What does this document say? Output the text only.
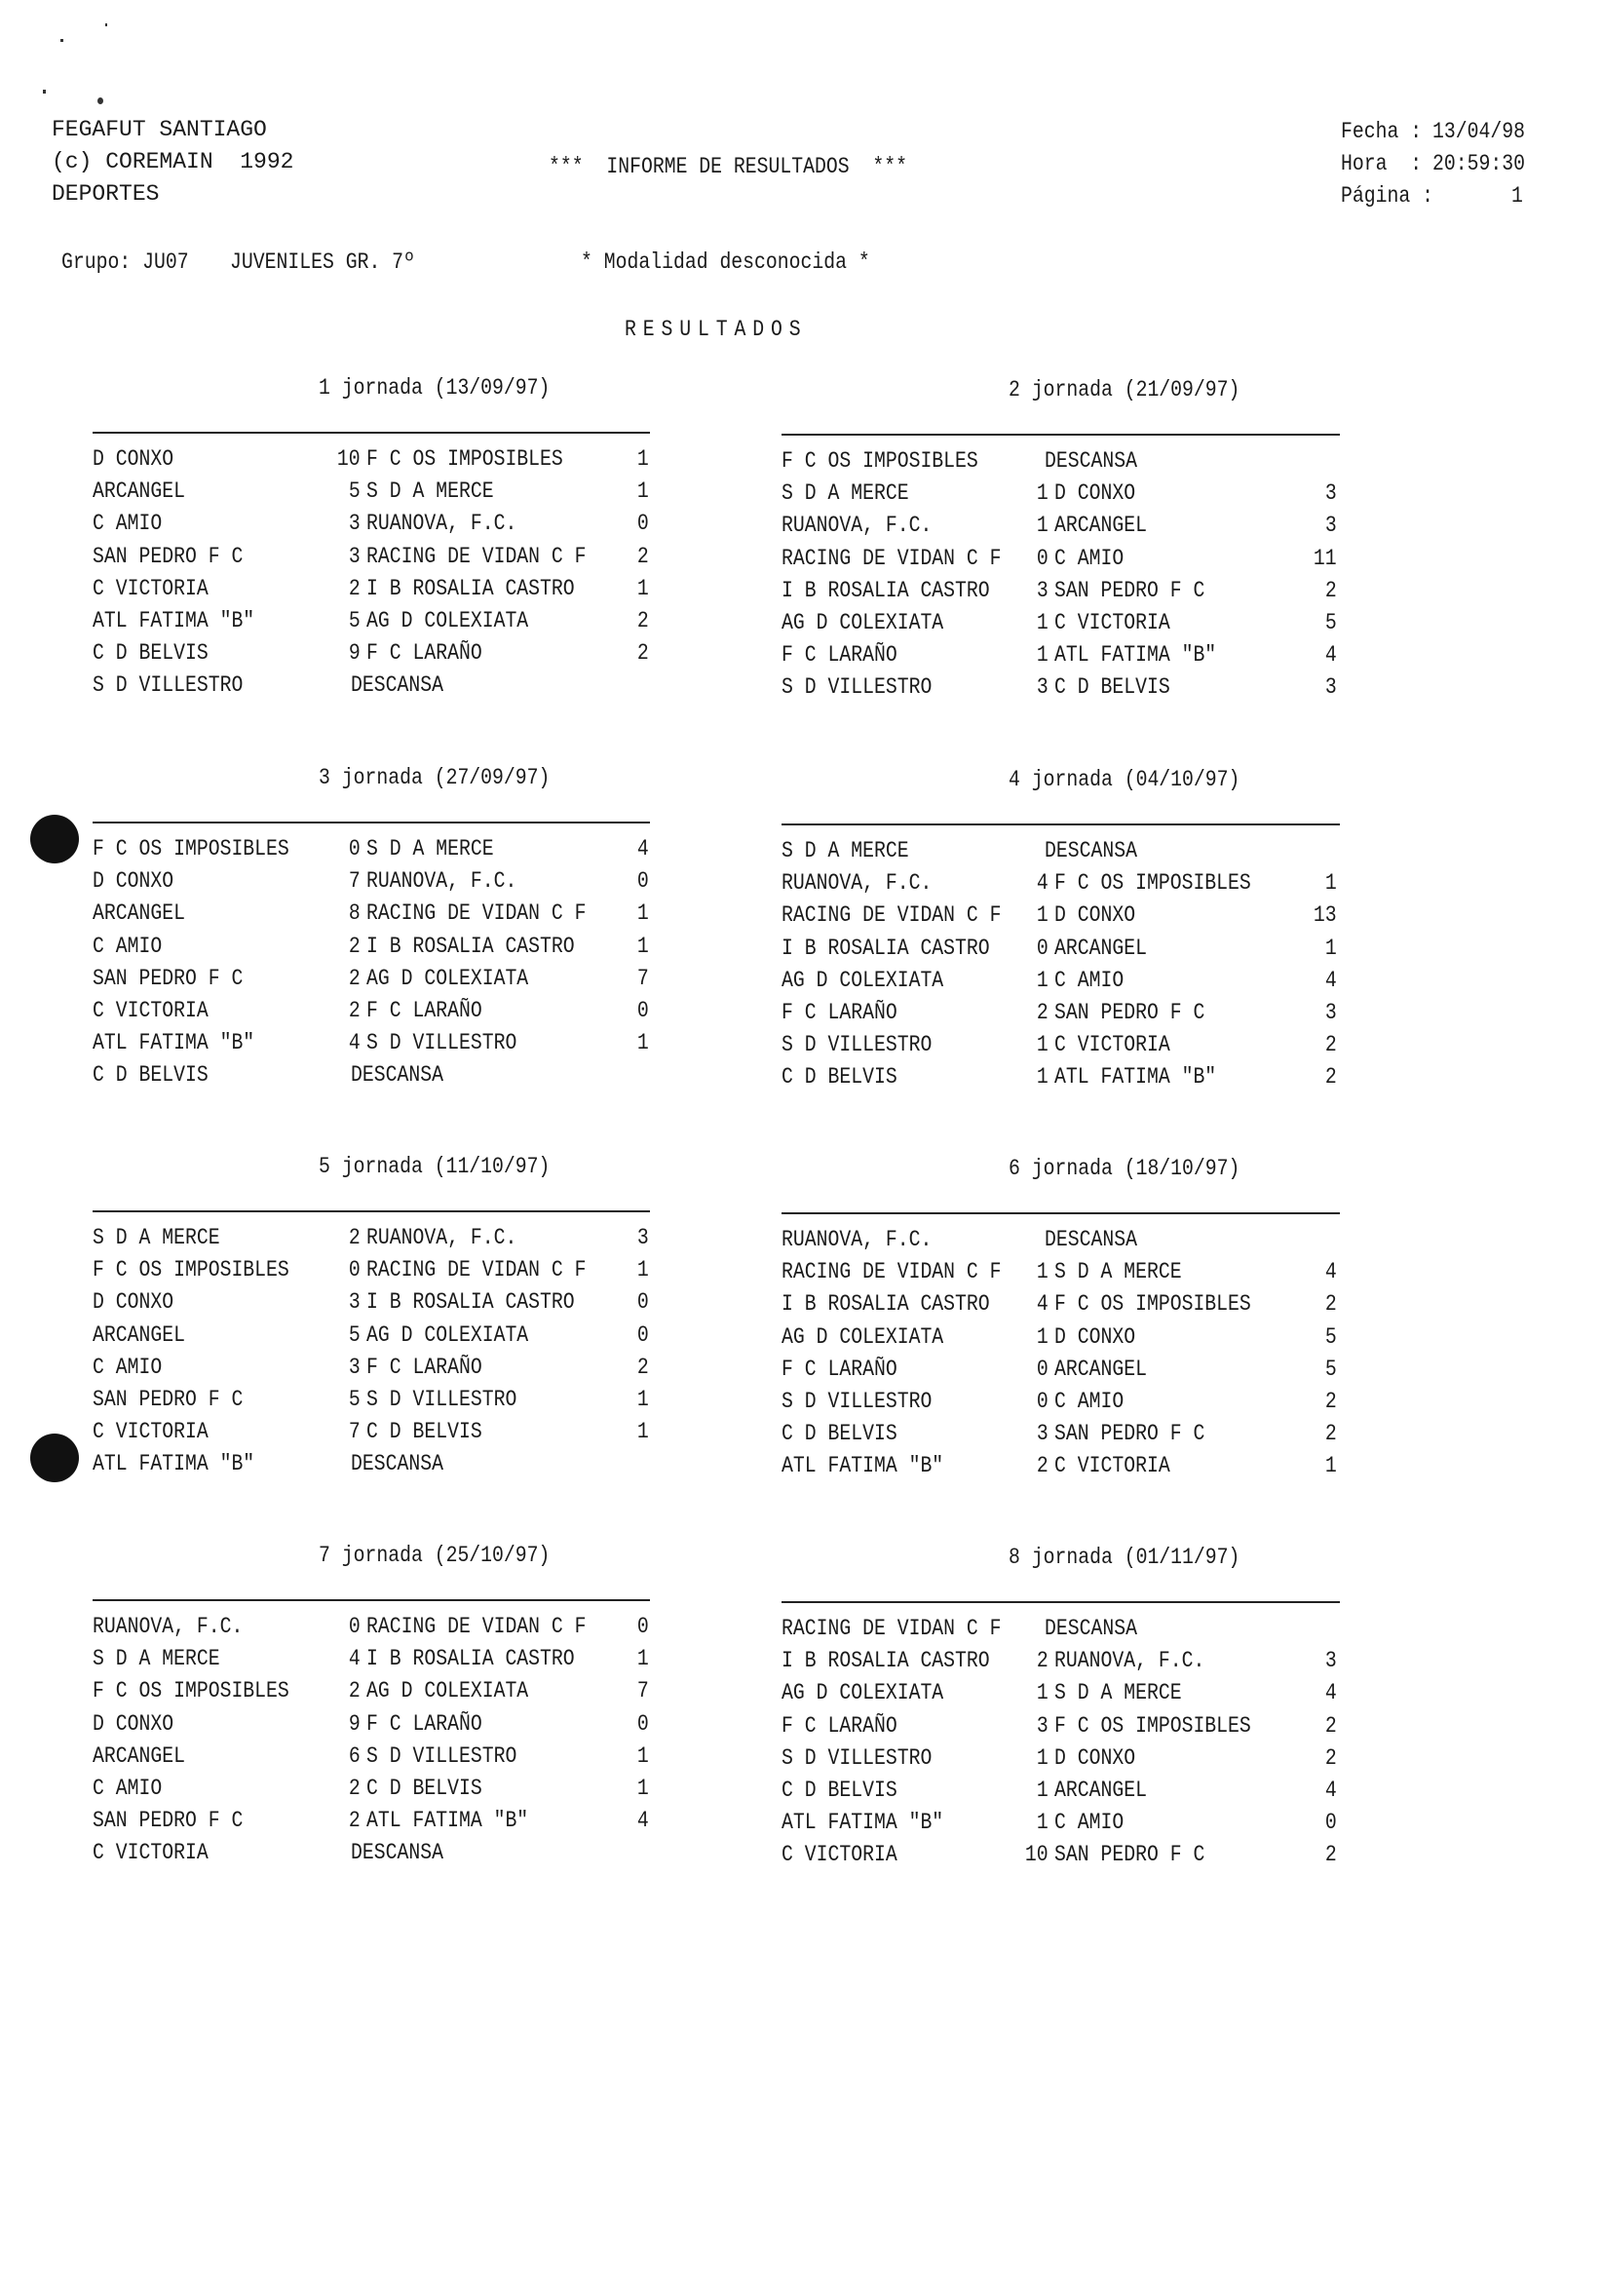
FEGAFUT SANTIAGO
(c) COREMAIN  1992
DEPORTES
***  INFORME DE RESULTADOS  ***
Fecha : 13/04/98
Hora  : 20:59:30
Página :	1
Grupo: JU07 JUVENILES GR. 7º	* Modalidad desconocida *
RESULTADOS
1 jornada (13/09/97)
D CONXO	10 F C OS IMPOSIBLES	1
ARCANGEL	5 S D A MERCE	1
C AMIO	3 RUANOVA, F.C.	0
SAN PEDRO F C	3 RACING DE VIDAN C F 2
C VICTORIA	2 I B ROSALIA CASTRO	1
ATL FATIMA "B"	5 AG D COLEXIATA	2
C D BELVIS	9 F C LARAÑO	2
S D VILLESTRO	DESCANSA
2 jornada (21/09/97)
F C OS IMPOSIBLES	DESCANSA
S D A MERCE	1 D CONXO	3
RUANOVA, F.C.	1 ARCANGEL	3
RACING DE VIDAN C F 0 C AMIO	11
I B ROSALIA CASTRO 3 SAN PEDRO F C	2
AG D COLEXIATA	1 C VICTORIA	5
F C LARAÑO	1 ATL FATIMA "B"	4
S D VILLESTRO	3 C D BELVIS	3
3 jornada (27/09/97)
F C OS IMPOSIBLES	0 S D A MERCE	4
D CONXO	7 RUANOVA, F.C.	0
ARCANGEL	8 RACING DE VIDAN C F 1
C AMIO	2 I B ROSALIA CASTRO	1
SAN PEDRO F C	2 AG D COLEXIATA	7
C VICTORIA	2 F C LARAÑO	0
ATL FATIMA "B"	4 S D VILLESTRO	1
C D BELVIS	DESCANSA
4 jornada (04/10/97)
S D A MERCE	DESCANSA
RUANOVA, F.C.	4 F C OS IMPOSIBLES	1
RACING DE VIDAN C F 1 D CONXO	13
I B ROSALIA CASTRO 0 ARCANGEL	1
AG D COLEXIATA	1 C AMIO	4
F C LARAÑO	2 SAN PEDRO F C	3
S D VILLESTRO	1 C VICTORIA	2
C D BELVIS	1 ATL FATIMA "B"	2
5 jornada (11/10/97)
S D A MERCE	2 RUANOVA, F.C.	3
F C OS IMPOSIBLES	0 RACING DE VIDAN C F 1
D CONXO	3 I B ROSALIA CASTRO	0
ARCANGEL	5 AG D COLEXIATA	0
C AMIO	3 F C LARAÑO	2
SAN PEDRO F C	5 S D VILLESTRO	1
C VICTORIA	7 C D BELVIS	1
ATL FATIMA "B"	DESCANSA
6 jornada (18/10/97)
RUANOVA, F.C.	DESCANSA
RACING DE VIDAN C F 1 S D A MERCE	4
I B ROSALIA CASTRO 4 F C OS IMPOSIBLES	2
AG D COLEXIATA	1 D CONXO	5
F C LARAÑO	0 ARCANGEL	5
S D VILLESTRO	0 C AMIO	2
C D BELVIS	3 SAN PEDRO F C	2
ATL FATIMA "B"	2 C VICTORIA	1
7 jornada (25/10/97)
RUANOVA, F.C.	0 RACING DE VIDAN C F 0
S D A MERCE	4 I B ROSALIA CASTRO	1
F C OS IMPOSIBLES	2 AG D COLEXIATA	7
D CONXO	9 F C LARAÑO	0
ARCANGEL	6 S D VILLESTRO	1
C AMIO	2 C D BELVIS	1
SAN PEDRO F C	2 ATL FATIMA "B"	4
C VICTORIA	DESCANSA
8 jornada (01/11/97)
RACING DE VIDAN C F DESCANSA
I B ROSALIA CASTRO 2 RUANOVA, F.C.	3
AG D COLEXIATA	1 S D A MERCE	4
F C LARAÑO	3 F C OS IMPOSIBLES	2
S D VILLESTRO	1 D CONXO	2
C D BELVIS	1 ARCANGEL	4
ATL FATIMA "B"	1 C AMIO	0
C VICTORIA	10 SAN PEDRO F C	2
